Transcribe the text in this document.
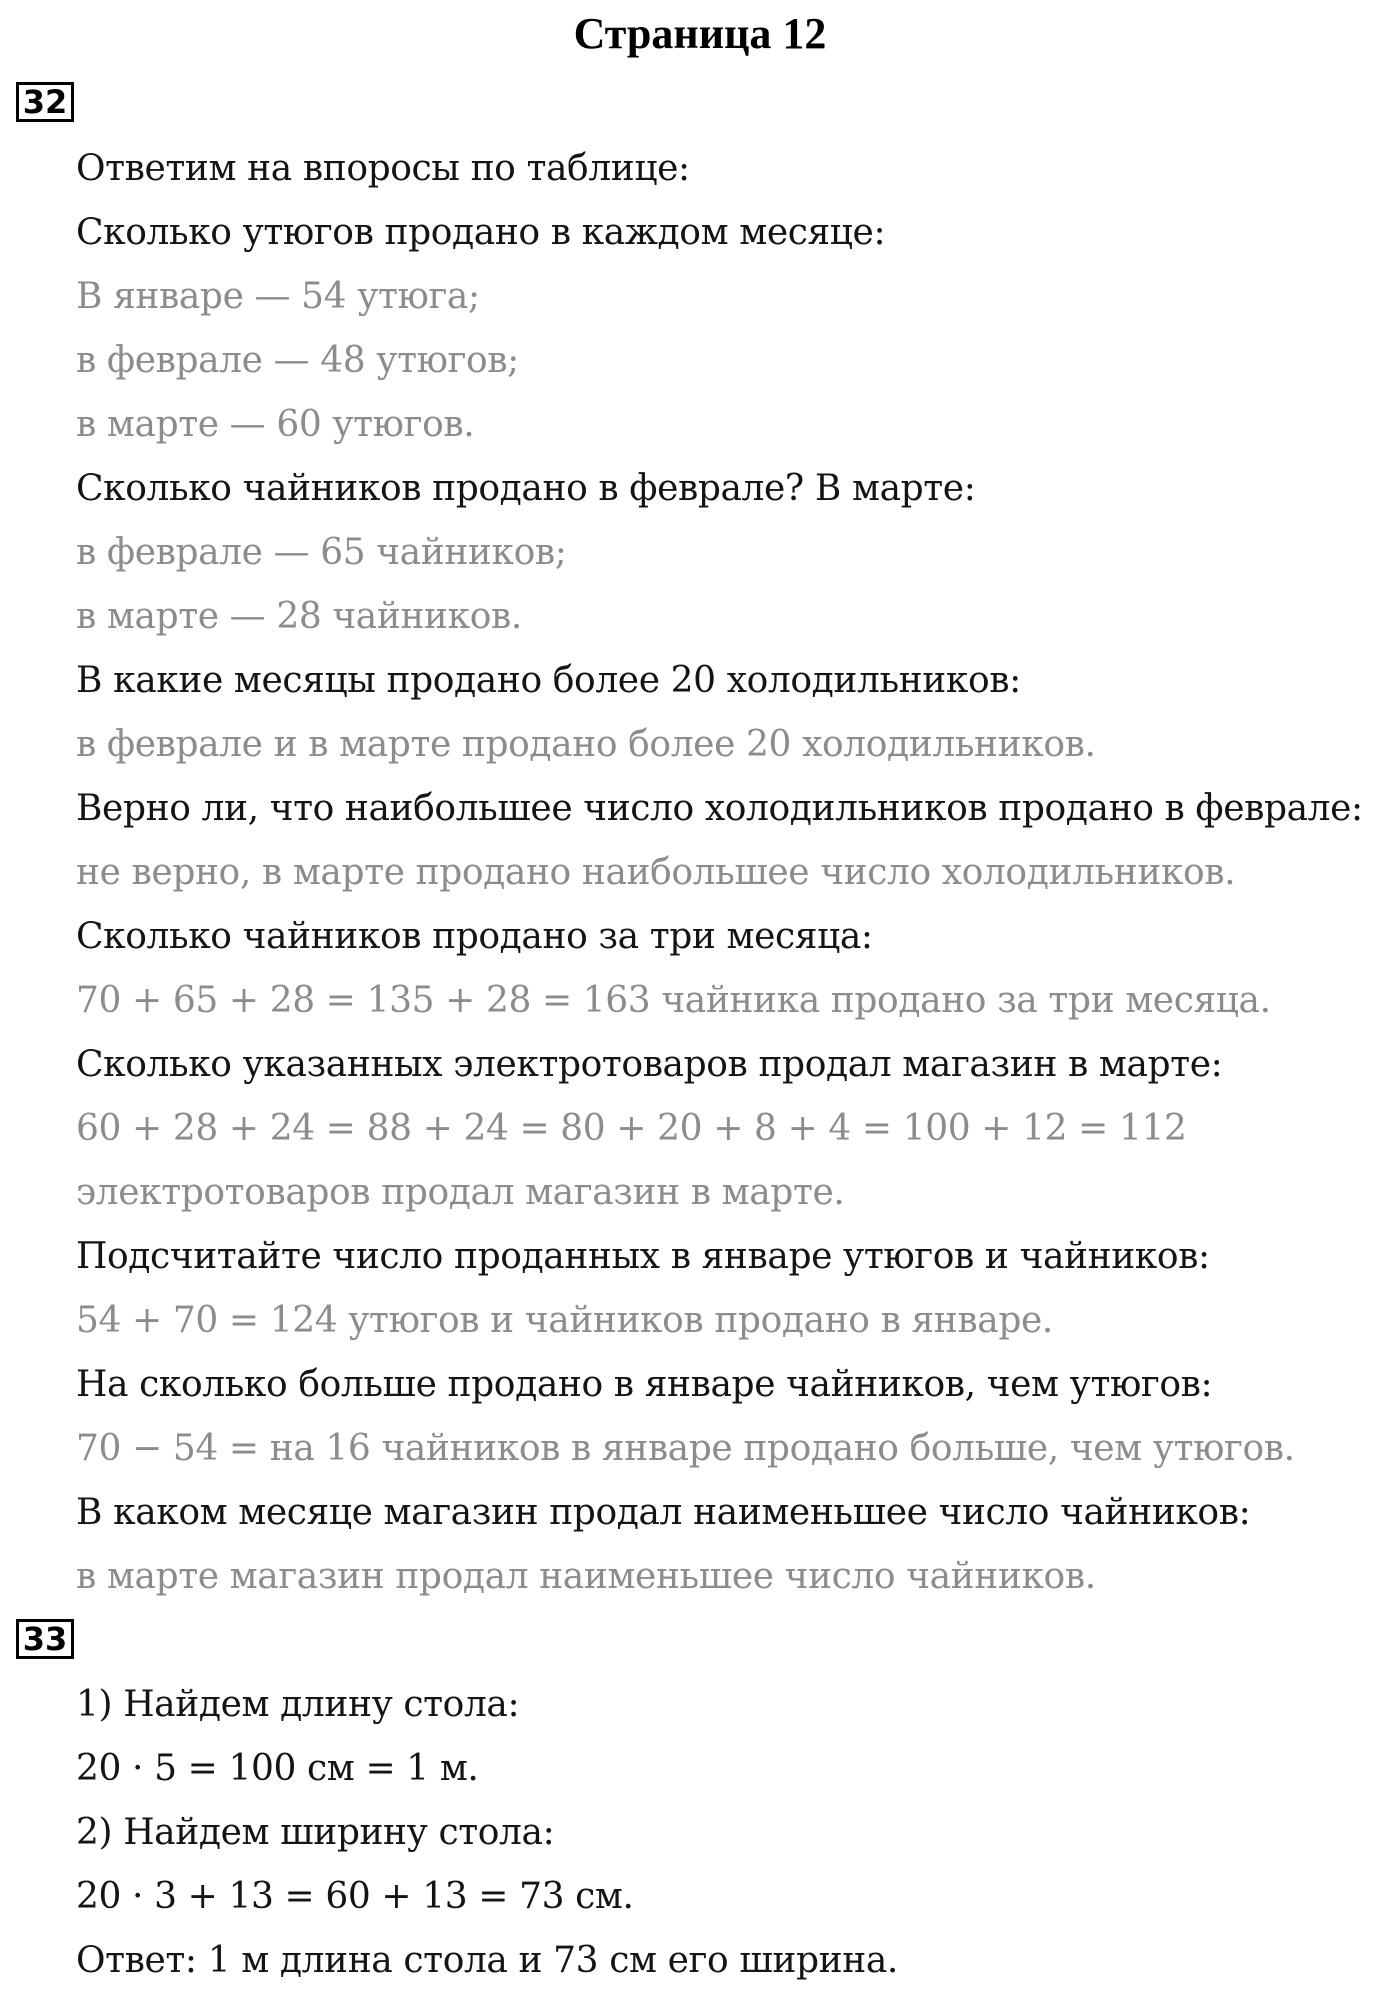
Страница 12
32
Ответим на впоросы по таблице:
Сколько утюгов продано в каждом месяце:
В январе — 54 утюга;
в феврале — 48 утюгов;
в марте — 60 утюгов.
Сколько чайников продано в феврале? В марте:
в феврале — 65 чайников;
в марте — 28 чайников.
В какие месяцы продано более 20 холодильников:
в феврале и в марте продано более 20 холодильников.
Верно ли, что наибольшее число холодильников продано в феврале:
не верно, в марте продано наибольшее число холодильников.
Сколько чайников продано за три месяца:
70 + 65 + 28 = 135 + 28 = 163 чайника продано за три месяца.
Сколько указанных электротоваров продал магазин в марте:
60 + 28 + 24 = 88 + 24 = 80 + 20 + 8 + 4 = 100 + 12 = 112
электротоваров продал магазин в марте.
Подсчитайте число проданных в январе утюгов и чайников:
54 + 70 = 124 утюгов и чайников продано в январе.
На сколько больше продано в январе чайников, чем утюгов:
70 − 54 = на 16 чайников в январе продано больше, чем утюгов.
В каком месяце магазин продал наименьшее число чайников:
в марте магазин продал наименьшее число чайников.
33
1) Найдем длину стола:
20 · 5 = 100 см = 1 м.
2) Найдем ширину стола:
20 · 3 + 13 = 60 + 13 = 73 см.
Ответ: 1 м длина стола и 73 см его ширина.
